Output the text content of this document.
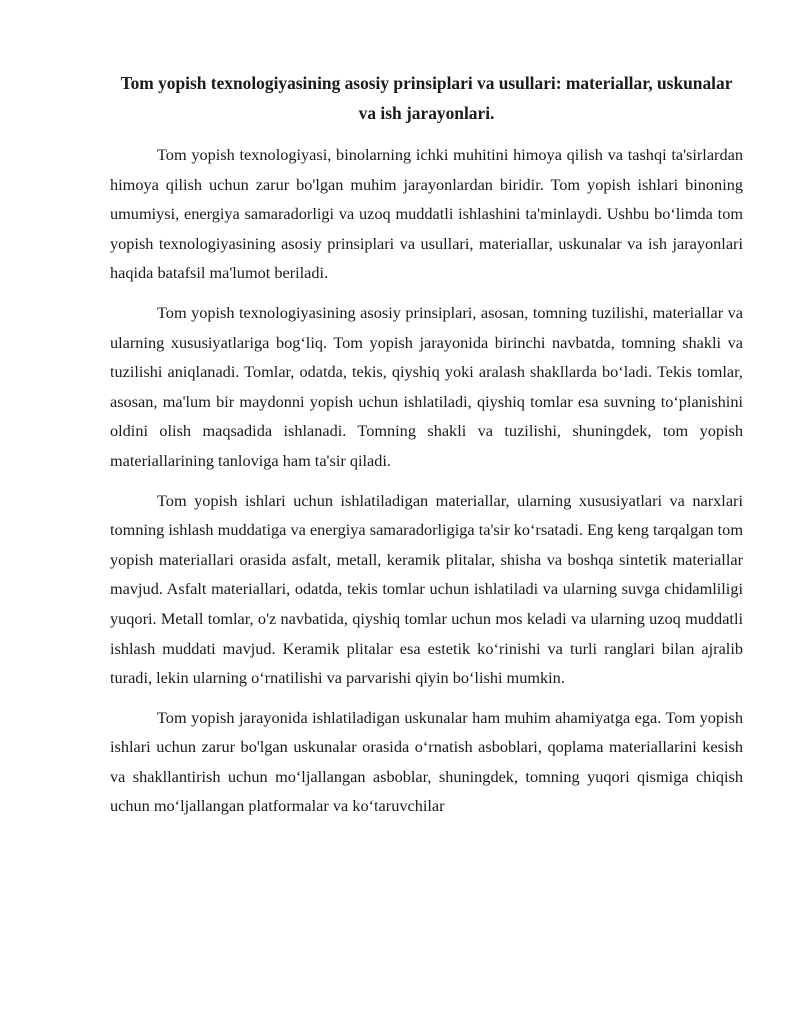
Tom yopish texnologiyasining asosiy prinsiplari va usullari: materiallar, uskunalar va ish jarayonlari.

Tom yopish texnologiyasi, binolarning ichki muhitini himoya qilish va tashqi ta'sirlardan himoya qilish uchun zarur bo'lgan muhim jarayonlardan biridir. Tom yopish ishlari binoning umumiysi, energiya samaradorligi va uzoq muddatli ishlashini ta'minlaydi. Ushbu bo‘limda tom yopish texnologiyasining asosiy prinsiplari va usullari, materiallar, uskunalar va ish jarayonlari haqida batafsil ma'lumot beriladi.

Tom yopish texnologiyasining asosiy prinsiplari, asosan, tomning tuzilishi, materiallar va ularning xususiyatlariga bog‘liq. Tom yopish jarayonida birinchi navbatda, tomning shakli va tuzilishi aniqlanadi. Tomlar, odatda, tekis, qiyshiq yoki aralash shakllarda bo‘ladi. Tekis tomlar, asosan, ma'lum bir maydonni yopish uchun ishlatiladi, qiyshiq tomlar esa suvning to‘planishini oldini olish maqsadida ishlanadi. Tomning shakli va tuzilishi, shuningdek, tom yopish materiallarining tanloviga ham ta'sir qiladi.

Tom yopish ishlari uchun ishlatiladigan materiallar, ularning xususiyatlari va narxlari tomning ishlash muddatiga va energiya samaradorligiga ta'sir ko‘rsatadi. Eng keng tarqalgan tom yopish materiallari orasida asfalt, metall, keramik plitalar, shisha va boshqa sintetik materiallar mavjud. Asfalt materiallari, odatda, tekis tomlar uchun ishlatiladi va ularning suvga chidamliligi yuqori. Metall tomlar, o'z navbatida, qiyshiq tomlar uchun mos keladi va ularning uzoq muddatli ishlash muddati mavjud. Keramik plitalar esa estetik ko‘rinishi va turli ranglari bilan ajralib turadi, lekin ularning o‘rnatilishi va parvarishi qiyin bo‘lishi mumkin.

Tom yopish jarayonida ishlatiladigan uskunalar ham muhim ahamiyatga ega. Tom yopish ishlari uchun zarur bo'lgan uskunalar orasida o‘rnatish asboblari, qoplama materiallarini kesish va shakllantirish uchun mo‘ljallangan asboblar, shuningdek, tomning yuqori qismiga chiqish uchun mo‘ljallangan platformalar va ko‘taruvchilar
